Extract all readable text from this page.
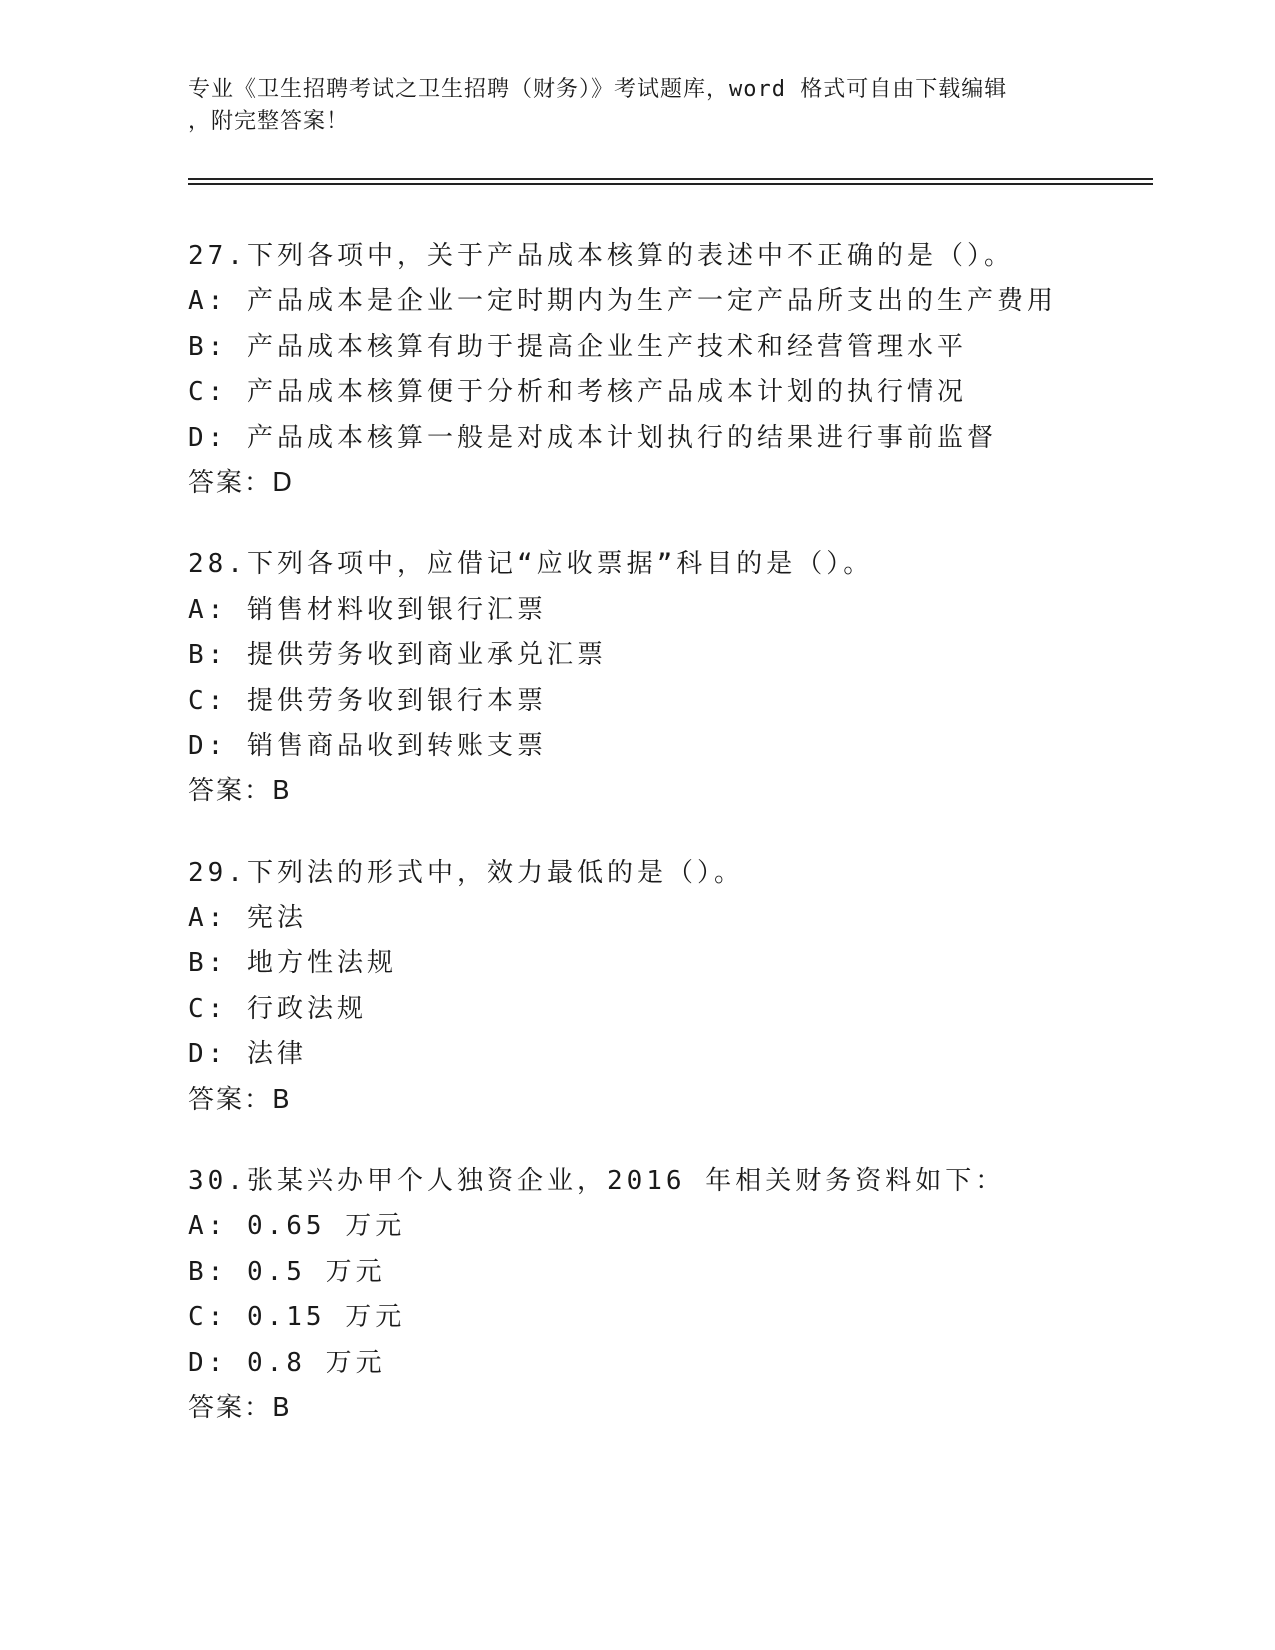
专业《卫生招聘考试之卫生招聘（财务）》考试题库，word 格式可自由下载编辑

，附完整答案！

27.下列各项中，关于产品成本核算的表述中不正确的是（）。
A: 产品成本是企业一定时期内为生产一定产品所支出的生产费用
B: 产品成本核算有助于提高企业生产技术和经营管理水平
C: 产品成本核算便于分析和考核产品成本计划的执行情况
D: 产品成本核算一般是对成本计划执行的结果进行事前监督
答案：D
28.下列各项中，应借记“应收票据”科目的是（）。
A: 销售材料收到银行汇票
B: 提供劳务收到商业承兑汇票
C: 提供劳务收到银行本票
D: 销售商品收到转账支票
答案：B
29.下列法的形式中，效力最低的是（）。
A: 宪法
B: 地方性法规
C: 行政法规
D: 法律
答案：B
30.张某兴办甲个人独资企业，2016 年相关财务资料如下：
A: 0.65 万元
B: 0.5 万元
C: 0.15 万元
D: 0.8 万元
答案：B
